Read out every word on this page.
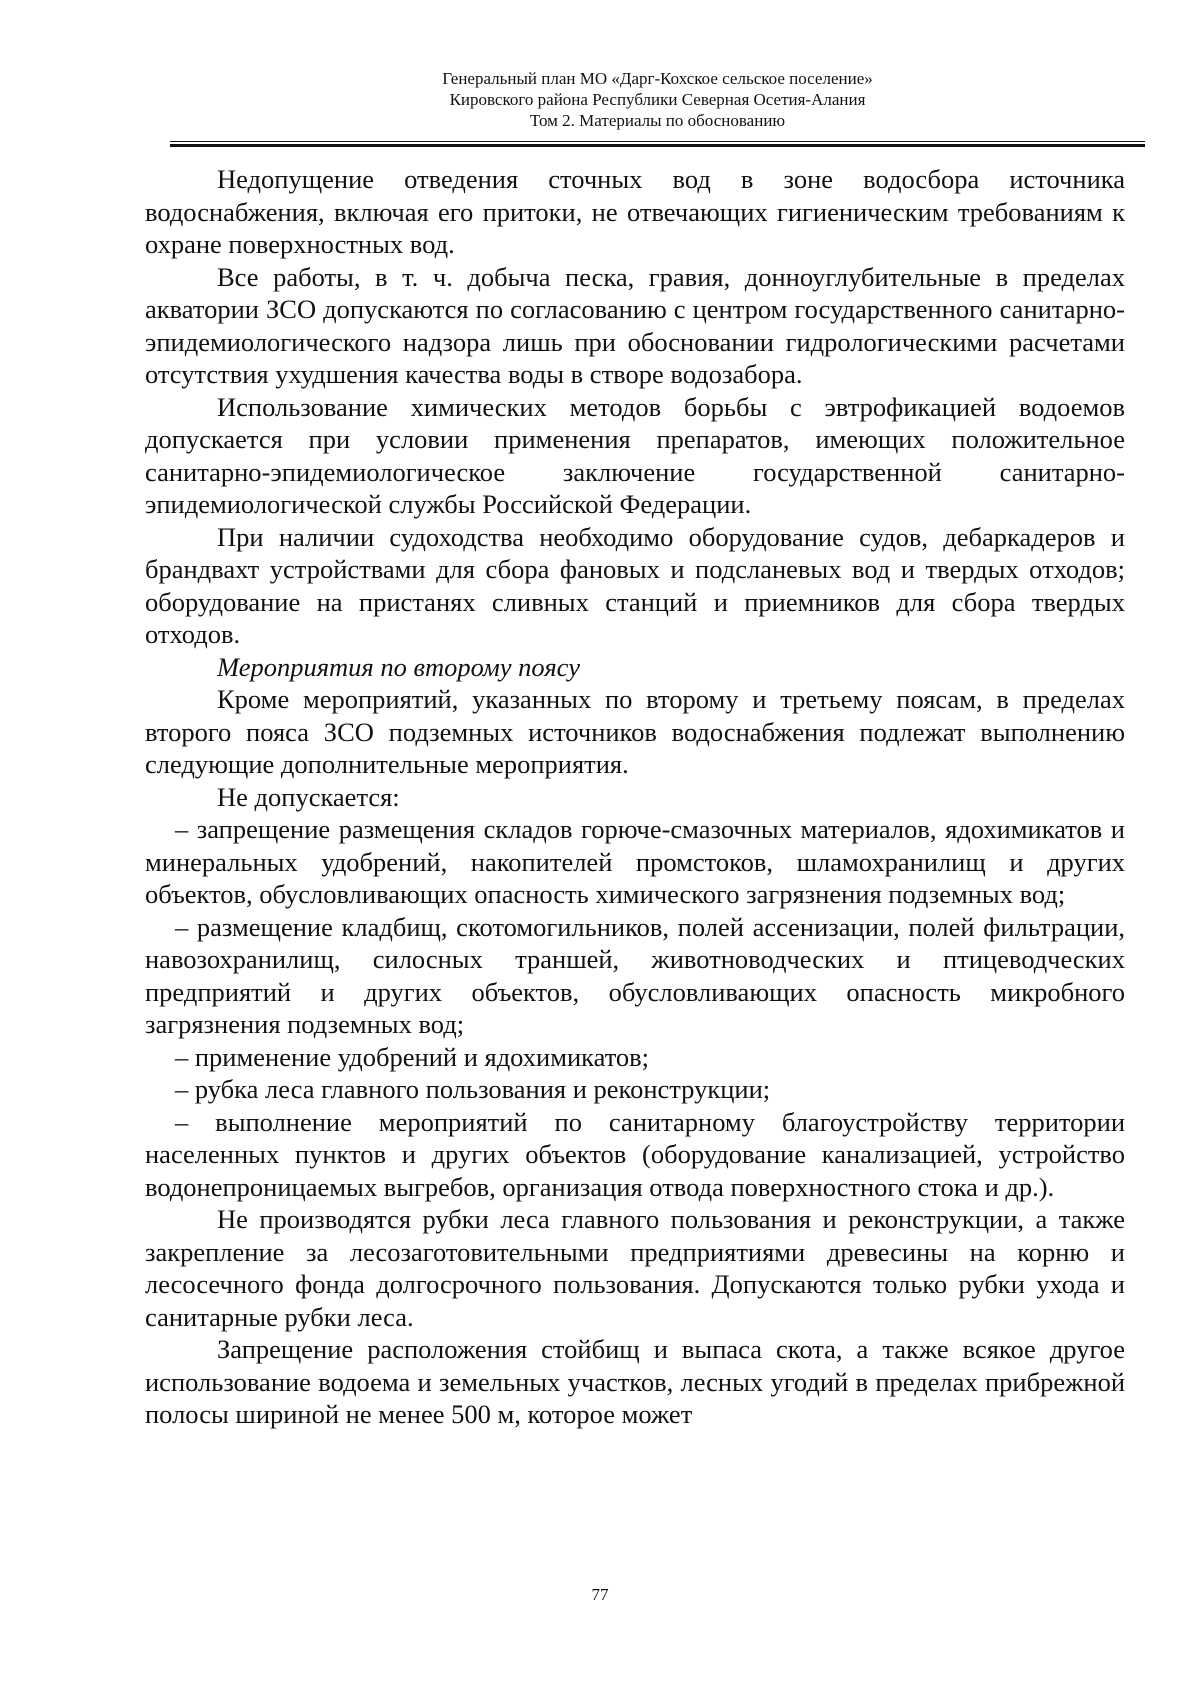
Генеральный план МО «Дарг-Кохское сельское поселение»
Кировского района Республики Северная Осетия-Алания
Том 2. Материалы по обоснованию

Недопущение отведения сточных вод в зоне водосбора источника водоснабжения, включая его притоки, не отвечающих гигиеническим требованиям к охране поверхностных вод.

Все работы, в т. ч. добыча песка, гравия, донноуглубительные в пределах акватории ЗСО допускаются по согласованию с центром государственного санитарно-эпидемиологического надзора лишь при обосновании гидрологическими расчетами отсутствия ухудшения качества воды в створе водозабора.

Использование химических методов борьбы с эвтрофикацией водоемов допускается при условии применения препаратов, имеющих положительное санитарно-эпидемиологическое заключение государственной санитарно-эпидемиологической службы Российской Федерации.

При наличии судоходства необходимо оборудование судов, дебаркадеров и брандвахт устройствами для сбора фановых и подсланевых вод и твердых отходов; оборудование на пристанях сливных станций и приемников для сбора твердых отходов.

Мероприятия по второму поясу

Кроме мероприятий, указанных по второму и третьему поясам, в пределах второго пояса ЗСО подземных источников водоснабжения подлежат выполнению следующие дополнительные мероприятия.

Не допускается:

– запрещение размещения складов горюче-смазочных материалов, ядохимикатов и минеральных удобрений, накопителей промстоков, шламохранилищ и других объектов, обусловливающих опасность химического загрязнения подземных вод;

– размещение кладбищ, скотомогильников, полей ассенизации, полей фильтрации, навозохранилищ, силосных траншей, животноводческих и птицеводческих предприятий и других объектов, обусловливающих опасность микробного загрязнения подземных вод;

– применение удобрений и ядохимикатов;

– рубка леса главного пользования и реконструкции;

– выполнение мероприятий по санитарному благоустройству территории населенных пунктов и других объектов (оборудование канализацией, устройство водонепроницаемых выгребов, организация отвода поверхностного стока и др.).

Не производятся рубки леса главного пользования и реконструкции, а также закрепление за лесозаготовительными предприятиями древесины на корню и лесосечного фонда долгосрочного пользования. Допускаются только рубки ухода и санитарные рубки леса.

Запрещение расположения стойбищ и выпаса скота, а также всякое другое использование водоема и земельных участков, лесных угодий в пределах прибрежной полосы шириной не менее 500 м, которое может

77
